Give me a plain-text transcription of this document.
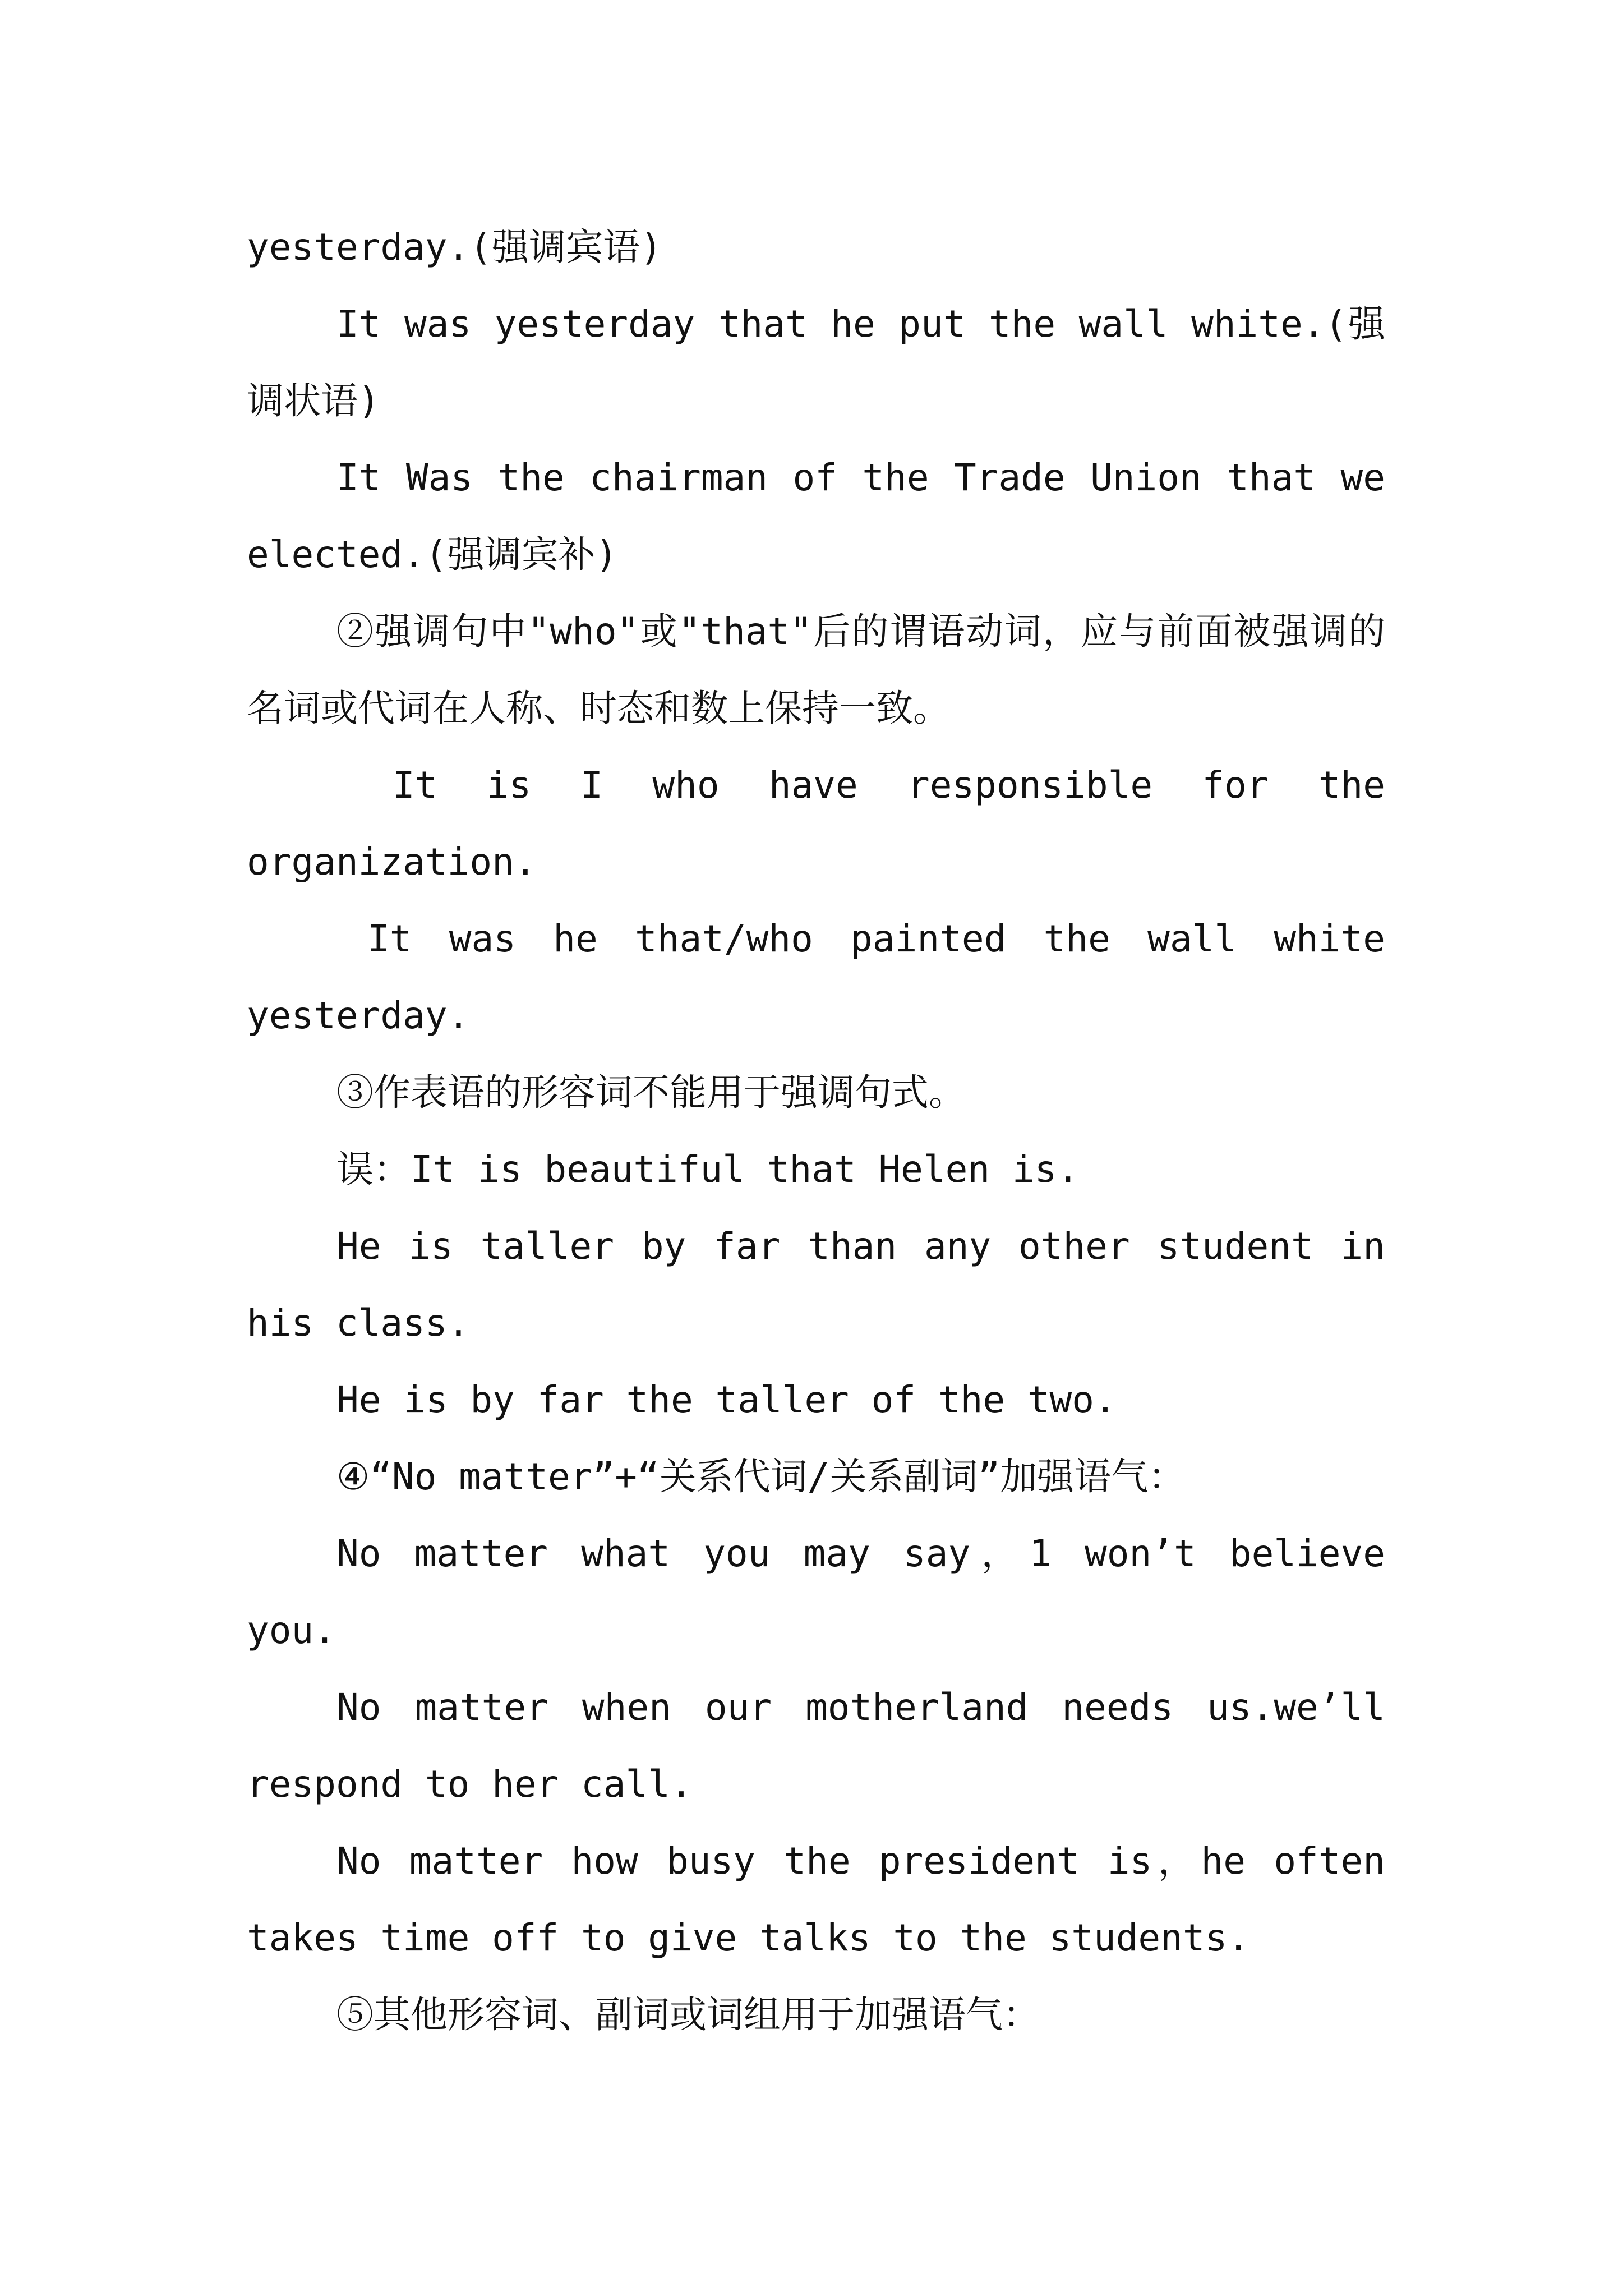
yesterday.(强调宾语)

It was yesterday that he put the wall white.(强调状语)

It Was the chairman of the Trade Union that we elected.(强调宾补)

②强调句中"who"或"that"后的谓语动词，应与前面被强调的名词或代词在人称、时态和数上保持一致。

It is I who have responsible for the organization.

It was he that/who painted the wall white yesterday.

③作表语的形容词不能用于强调句式。

误：It is beautiful that Helen is.

He is taller by far than any other student in his class.

He is by far the taller of the two.

④“No matter”+“关系代词/关系副词”加强语气：

No matter what you may say，1 won’t believe you.

No matter when our motherland needs us.we’ll respond to her call.

No matter how busy the president is，he often takes time off to give talks to the students.

⑤其他形容词、副词或词组用于加强语气：
